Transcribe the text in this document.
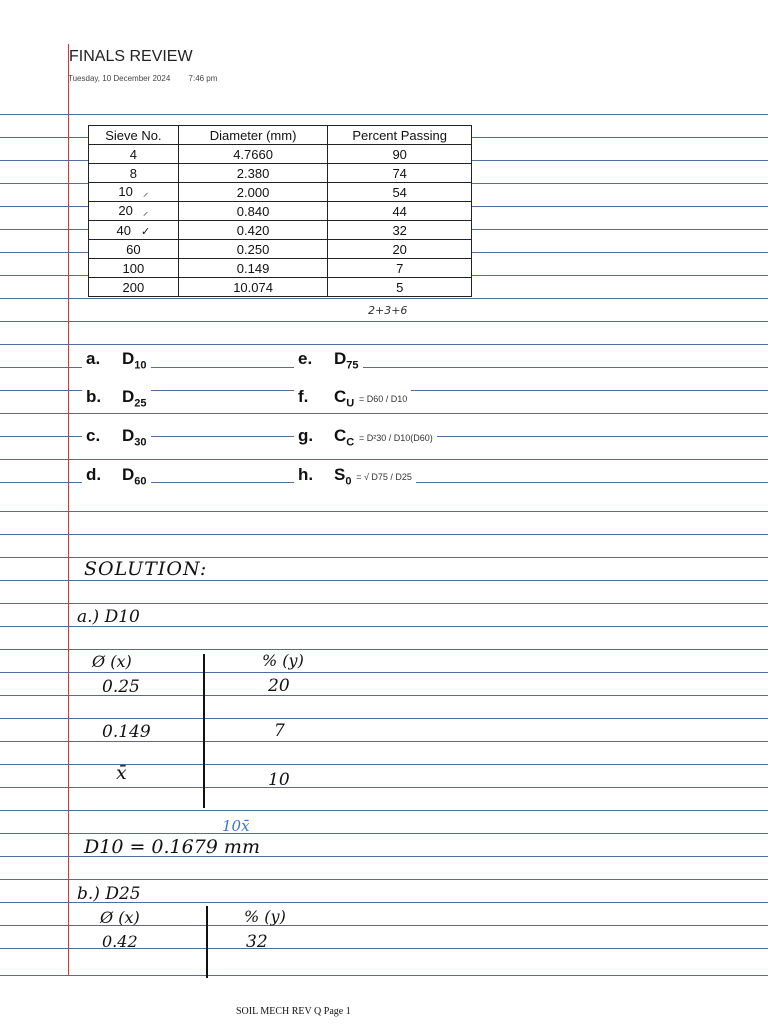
FINALS REVIEW
Tuesday, 10 December 2024 7:46 pm
Sieve No.	Diameter (mm)	Percent Passing
4	4.7660	90
8	2.380	74
10 ⸝	2.000	54
20 ⸝	0.840	44
40 ✓	0.420	32
60	0.250	20
100	0.149	7
200	10.074	5
2+3+6
a. $D_{10}$
b. $D_{25}$
c. $D_{30}$
d. $D_{60}$
e. $D_{75}$
f. $C_U = D60 / D10$
g. $C_C = D^230 / D10(D60)$
h. $S_0$ = √ D75 / D25
SOLUTION:
a.) D10
Ø (x)	% (y)
0.25	20
0.149	7
x̄	10
10x̄
D10 = 0.1679 mm
b.) D25
Ø (x)	% (y)
0.42	32
SOIL MECH REV Q Page 1
